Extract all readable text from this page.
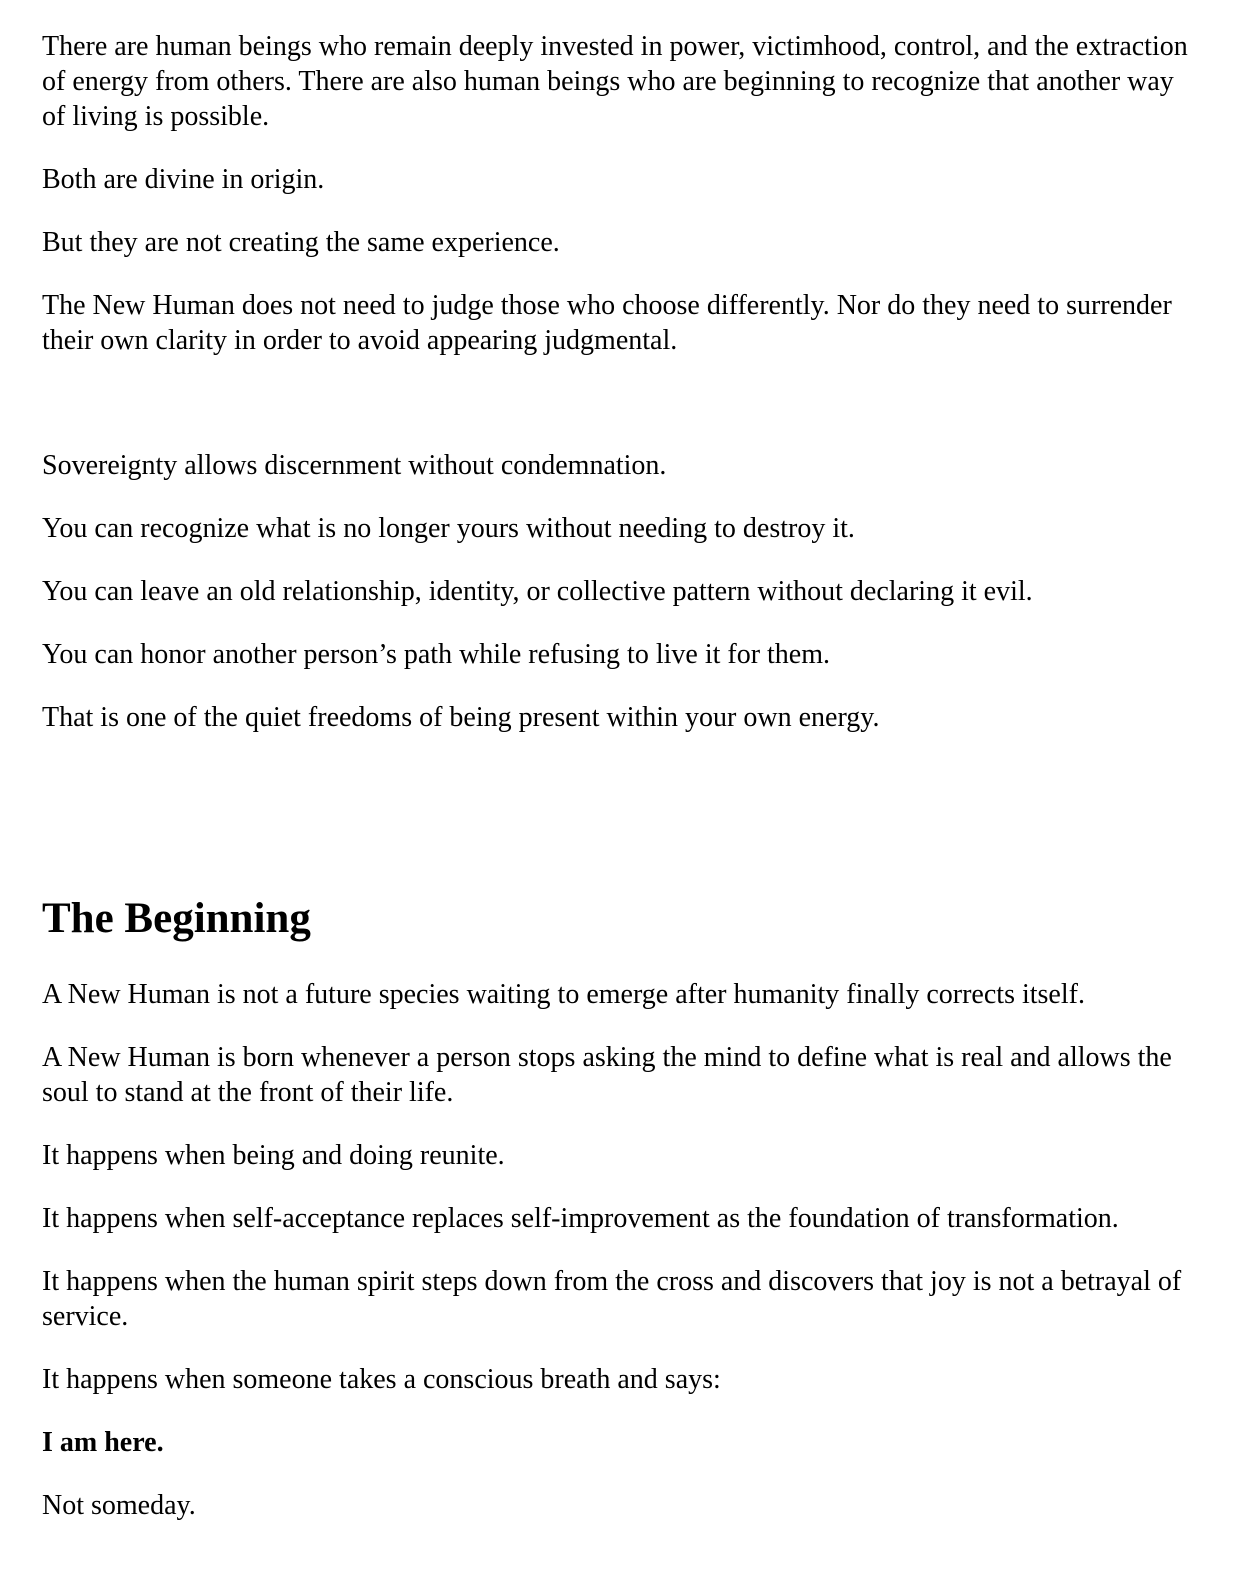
There are human beings who remain deeply invested in power, victimhood, control, and the extraction of energy from others. There are also human beings who are beginning to recognize that another way of living is possible.

Both are divine in origin.

But they are not creating the same experience.

The New Human does not need to judge those who choose differently. Nor do they need to surrender their own clarity in order to avoid appearing judgmental.

Sovereignty allows discernment without condemnation.

You can recognize what is no longer yours without needing to destroy it.

You can leave an old relationship, identity, or collective pattern without declaring it evil.

You can honor another person’s path while refusing to live it for them.

That is one of the quiet freedoms of being present within your own energy.

The Beginning

A New Human is not a future species waiting to emerge after humanity finally corrects itself.

A New Human is born whenever a person stops asking the mind to define what is real and allows the soul to stand at the front of their life.

It happens when being and doing reunite.

It happens when self-acceptance replaces self-improvement as the foundation of transformation.

It happens when the human spirit steps down from the cross and discovers that joy is not a betrayal of service.

It happens when someone takes a conscious breath and says:

I am here.

Not someday.
